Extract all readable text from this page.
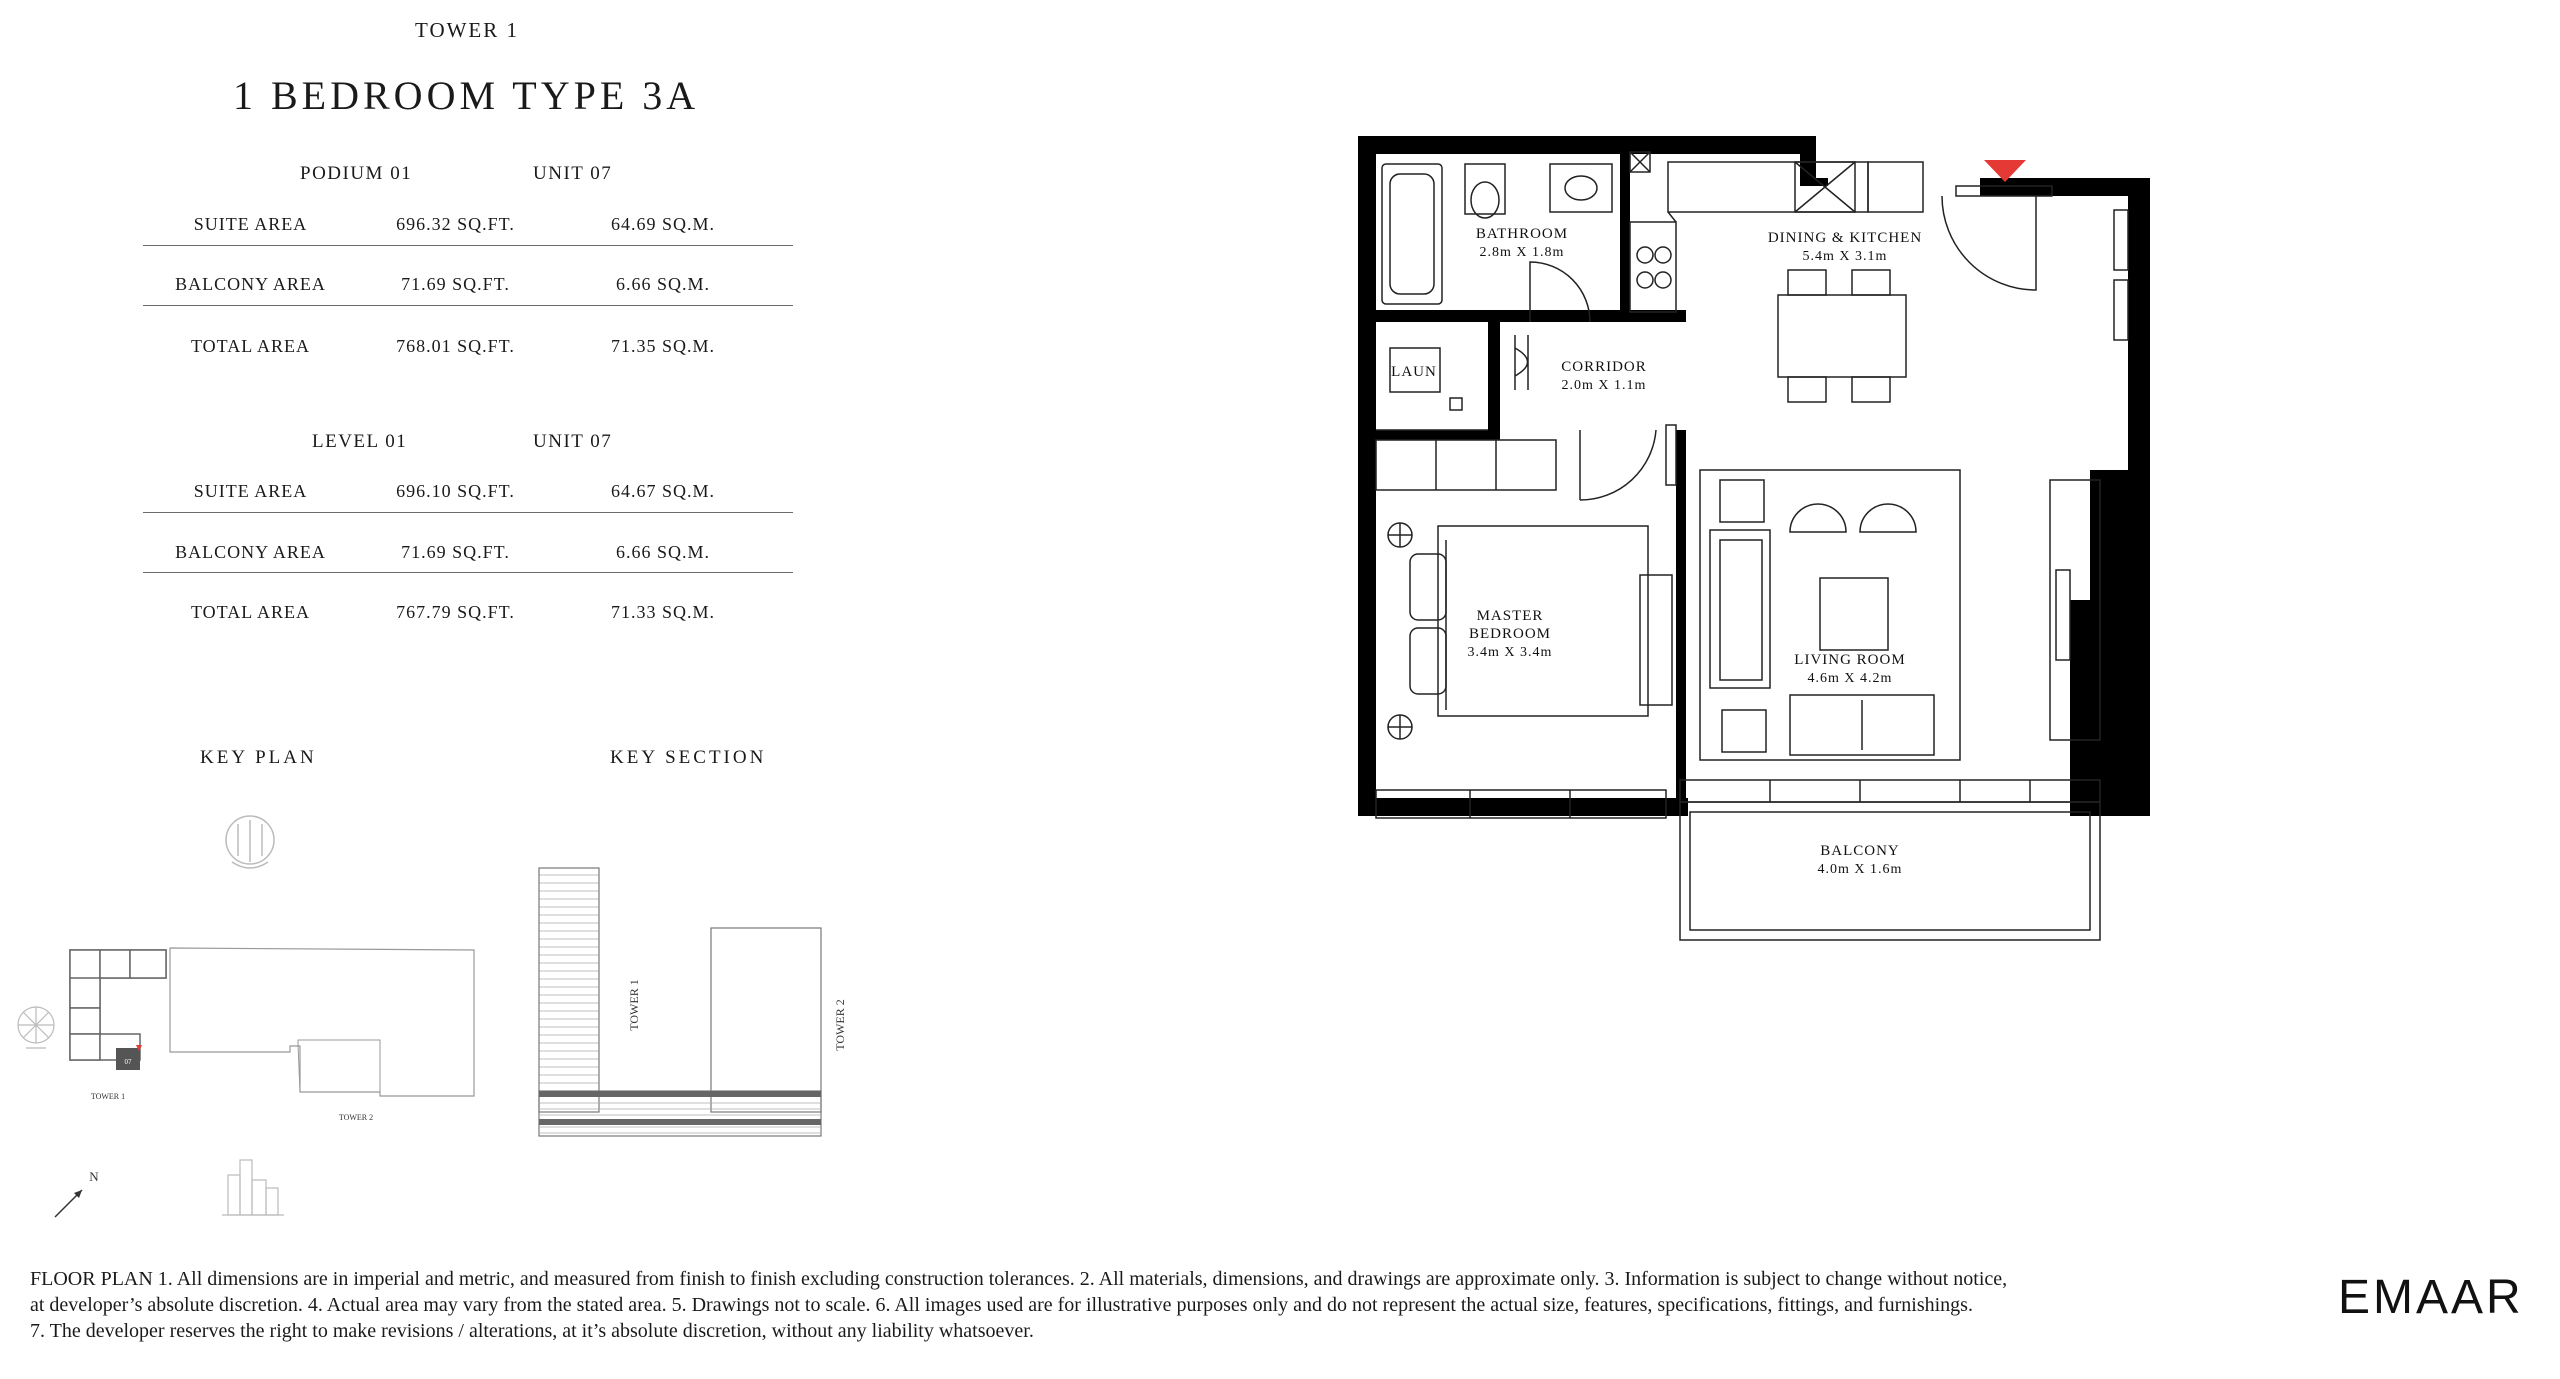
TOWER 1
1 BEDROOM TYPE 3A
PODIUM 01	UNIT 07
SUITE AREA	696.32 SQ.FT.	64.69 SQ.M.
BALCONY AREA	71.69 SQ.FT.	6.66 SQ.M.
TOTAL AREA	768.01 SQ.FT.	71.35 SQ.M.
LEVEL 01	UNIT 07
SUITE AREA	696.10 SQ.FT.	64.67 SQ.M.
BALCONY AREA	71.69 SQ.FT.	6.66 SQ.M.
TOTAL AREA	767.79 SQ.FT.	71.33 SQ.M.
KEY PLAN	KEY SECTION
07
TOWER 1
TOWER 2
N
TOWER 1	TOWER 2
BATHROOM
2.8m X 1.8m
DINING & KITCHEN
5.4m X 3.1m
LAUN	CORRIDOR
2.0m X 1.1m
MASTER
BEDROOM
3.4m X 3.4m	LIVING ROOM
4.6m X 4.2m
BALCONY
4.0m X 1.6m
FLOOR PLAN 1. All dimensions are in imperial and metric, and measured from finish to finish excluding construction tolerances. 2. All materials, dimensions, and drawings are approximate only. 3. Information is subject to change without notice,
at developer’s absolute discretion. 4. Actual area may vary from the stated area. 5. Drawings not to scale. 6. All images used are for illustrative purposes only and do not represent the actual size, features, specifications, fittings, and furnishings.
7. The developer reserves the right to make revisions / alterations, at it’s absolute discretion, without any liability whatsoever.
EMAAR
